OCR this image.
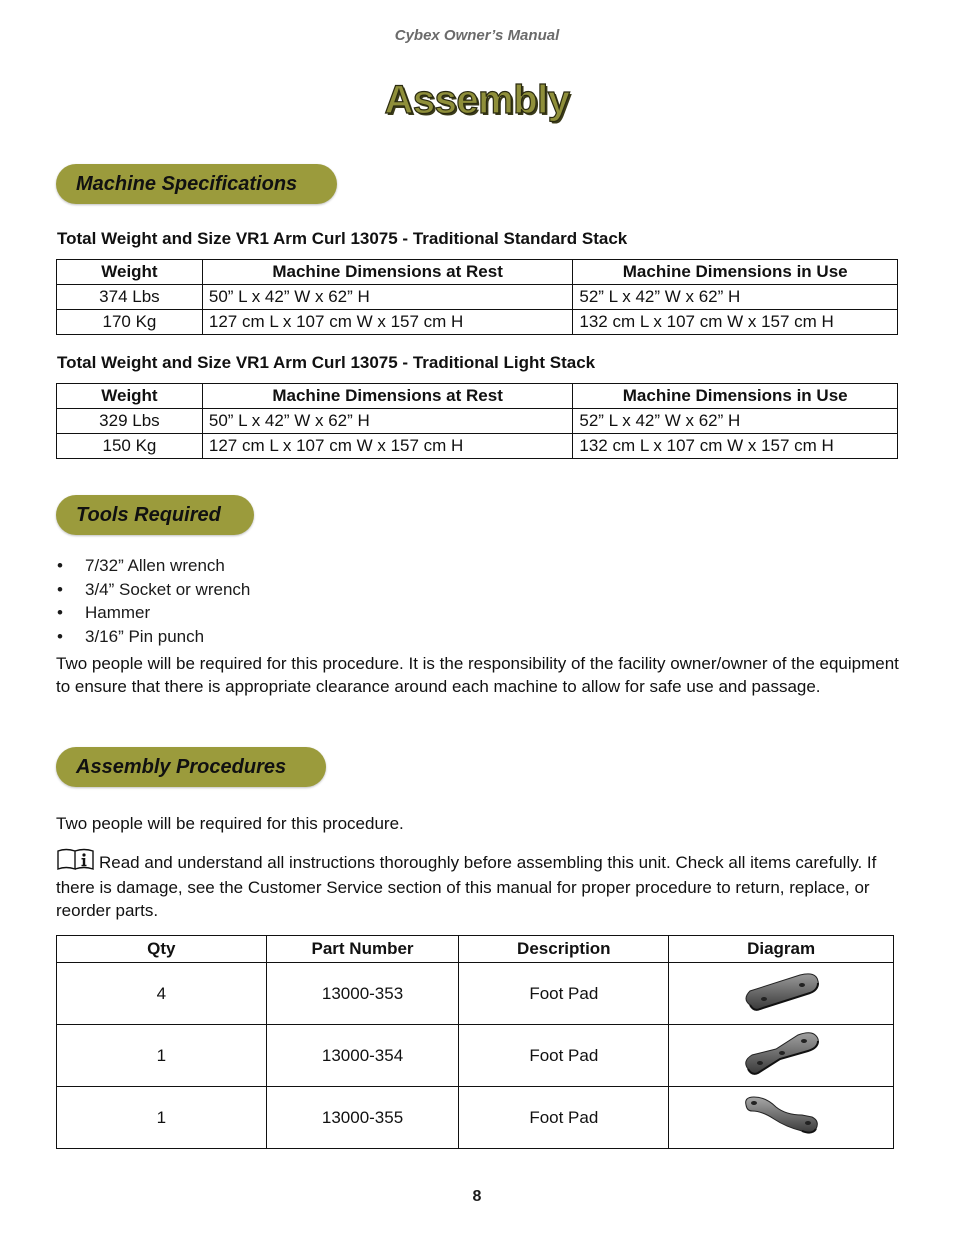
Cybex Owner’s Manual
Assembly
Machine Specifications
Total Weight and Size VR1 Arm Curl 13075 - Traditional Standard Stack
Weight	Machine Dimensions at Rest	Machine Dimensions in Use
374 Lbs	50” L x 42” W x 62” H	52” L x 42” W x 62” H
170 Kg	127 cm L x 107 cm W x 157 cm H	132 cm L x 107 cm W x 157 cm H
Total Weight and Size VR1 Arm Curl 13075 - Traditional Light Stack
Weight	Machine Dimensions at Rest	Machine Dimensions in Use
329 Lbs	50” L x 42” W x 62” H	52” L x 42” W x 62” H
150 Kg	127 cm L x 107 cm W x 157 cm H	132 cm L x 107 cm W x 157 cm H
Tools Required
• 7/32” Allen wrench
• 3/4” Socket or wrench
• Hammer
• 3/16” Pin punch
Two people will be required for this procedure. It is the responsibility of the facility owner/owner of the equipment to ensure that there is appropriate clearance around each machine to allow for safe use and passage.
Assembly Procedures
Two people will be required for this procedure.
Read and understand all instructions thoroughly before assembling this unit. Check all items carefully. If there is damage, see the Customer Service section of this manual for proper procedure to return, replace, or reorder parts.
Qty	Part Number	Description	Diagram
4	13000-353	Foot Pad	
1	13000-354	Foot Pad	
1	13000-355	Foot Pad	
8
